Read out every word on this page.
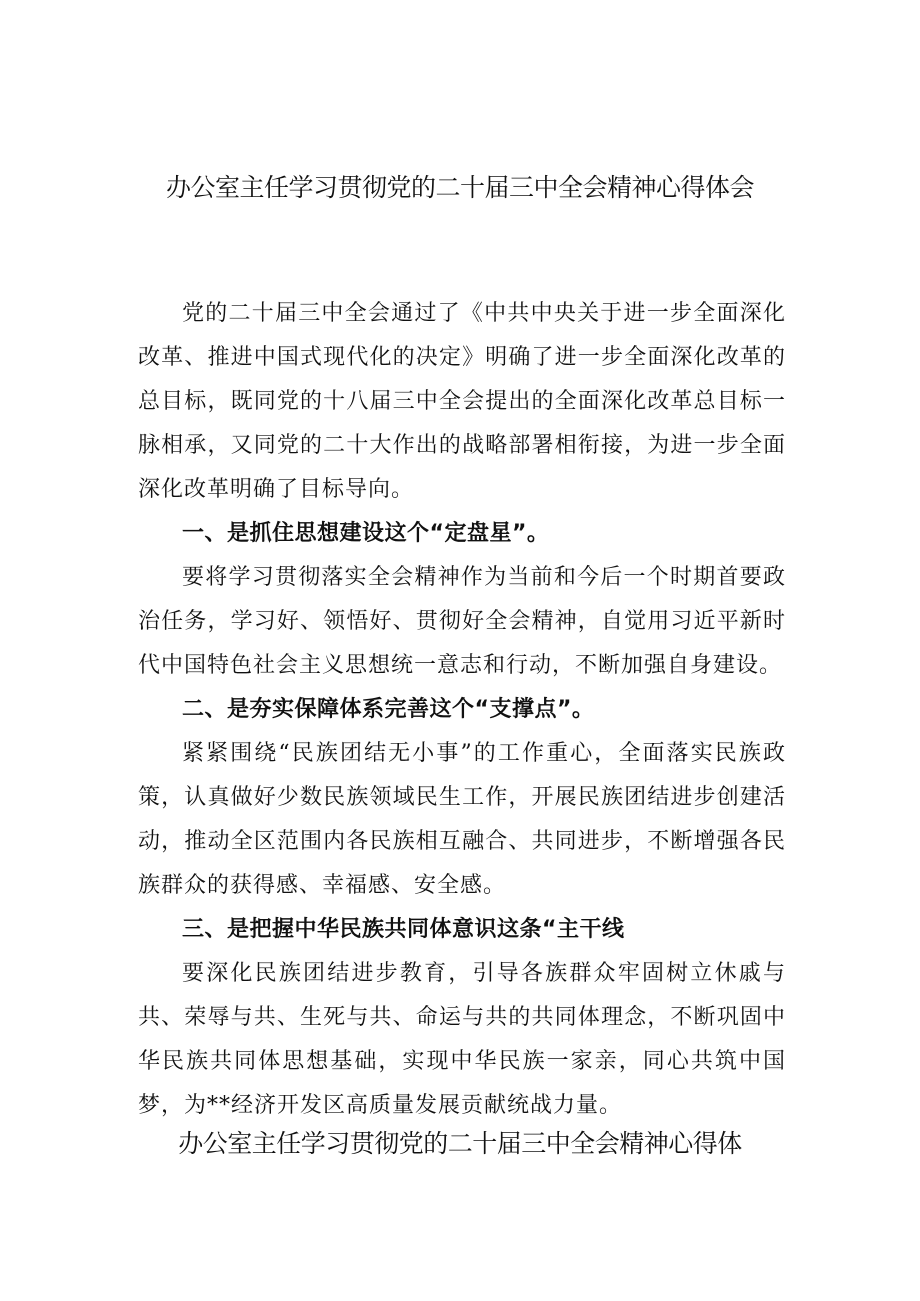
办公室主任学习贯彻党的二十届三中全会精神心得体会

党的二十届三中全会通过了《中共中央关于进一步全面深化改革、推进中国式现代化的决定》明确了进一步全面深化改革的总目标，既同党的十八届三中全会提出的全面深化改革总目标一脉相承，又同党的二十大作出的战略部署相衔接，为进一步全面深化改革明确了目标导向。

一、是抓住思想建设这个“定盘星”。

要将学习贯彻落实全会精神作为当前和今后一个时期首要政治任务，学习好、领悟好、贯彻好全会精神，自觉用习近平新时代中国特色社会主义思想统一意志和行动，不断加强自身建设。

二、是夯实保障体系完善这个“支撑点”。

紧紧围绕“民族团结无小事”的工作重心，全面落实民族政策，认真做好少数民族领域民生工作，开展民族团结进步创建活动，推动全区范围内各民族相互融合、共同进步，不断增强各民族群众的获得感、幸福感、安全感。

三、是把握中华民族共同体意识这条“主干线

要深化民族团结进步教育，引导各族群众牢固树立休戚与共、荣辱与共、生死与共、命运与共的共同体理念，不断巩固中华民族共同体思想基础，实现中华民族一家亲，同心共筑中国梦，为**经济开发区高质量发展贡献统战力量。

办公室主任学习贯彻党的二十届三中全会精神心得体
